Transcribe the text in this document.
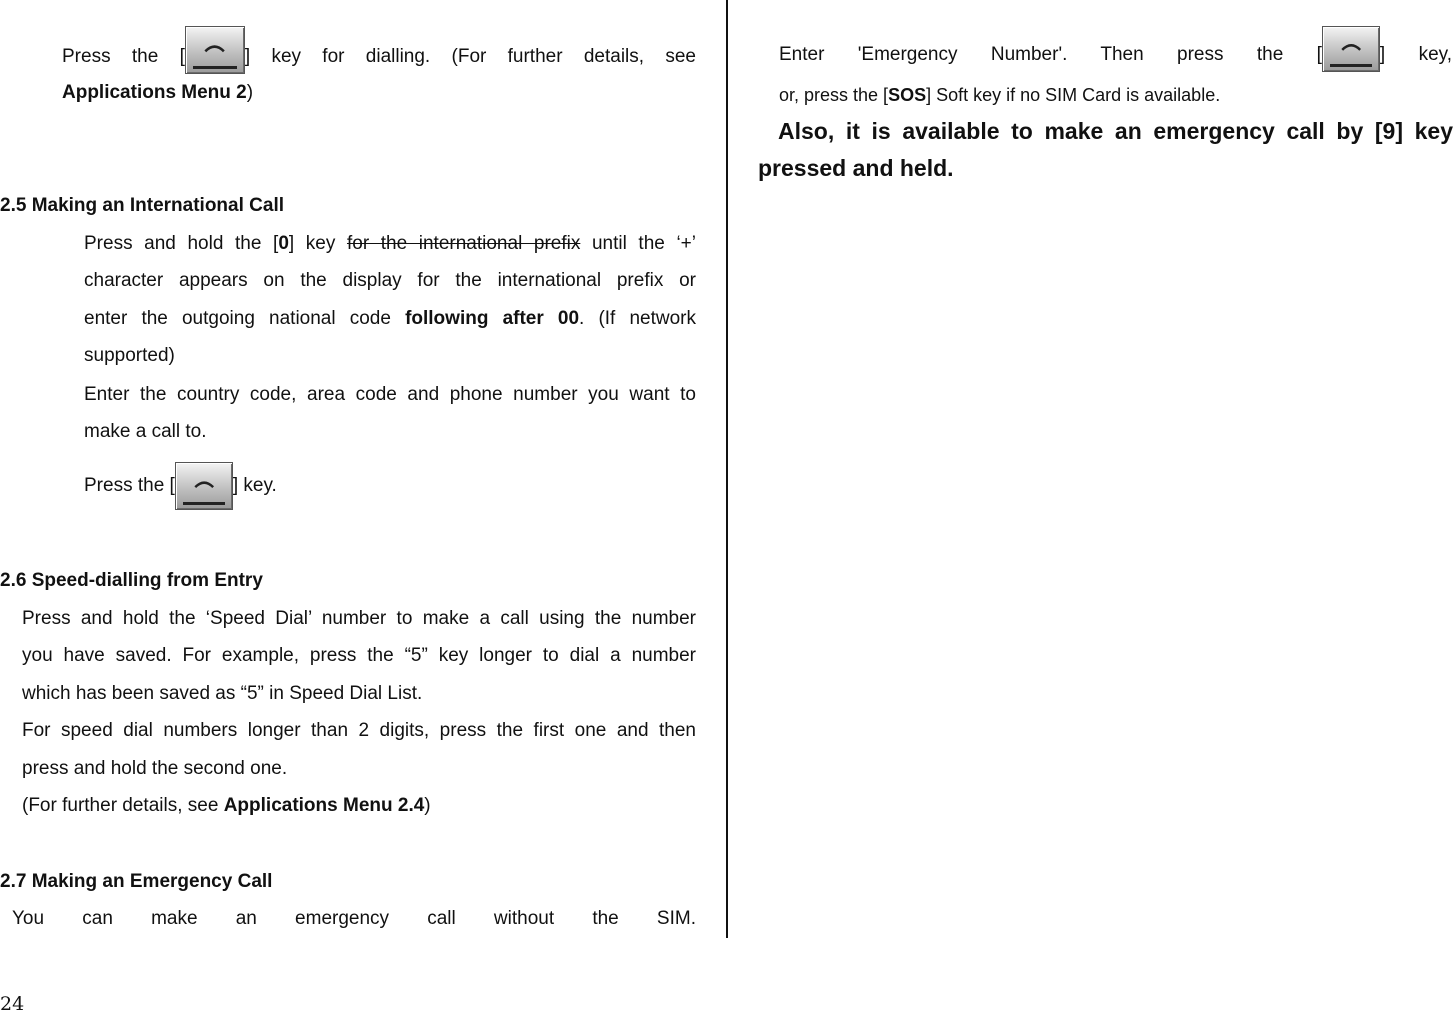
Press the [	] key for dialling. (For further details, see
Applications Menu 2)
2.5 Making an International Call
Press and hold the [0] key for the international prefix until the ‘+’
character appears on the display for the international prefix or
enter the outgoing national code following after 00. (If network
supported)
Enter the country code, area code and phone number you want to
make a call to.
Press the [	] key.
2.6 Speed-dialling from Entry
Press and hold the ‘Speed Dial’ number to make a call using the number
you have saved. For example, press the “5” key longer to dial a number
which has been saved as “5” in Speed Dial List.
For speed dial numbers longer than 2 digits, press the first one and then
press and hold the second one.
(For further details, see Applications Menu 2.4)
2.7 Making an Emergency Call
You can make an emergency call without the SIM.
Enter 'Emergency Number'. Then press the [	] key,
or, press the [SOS] Soft key if no SIM Card is available.
Also, it is available to make an emergency call by [9] key
pressed and held.
24
